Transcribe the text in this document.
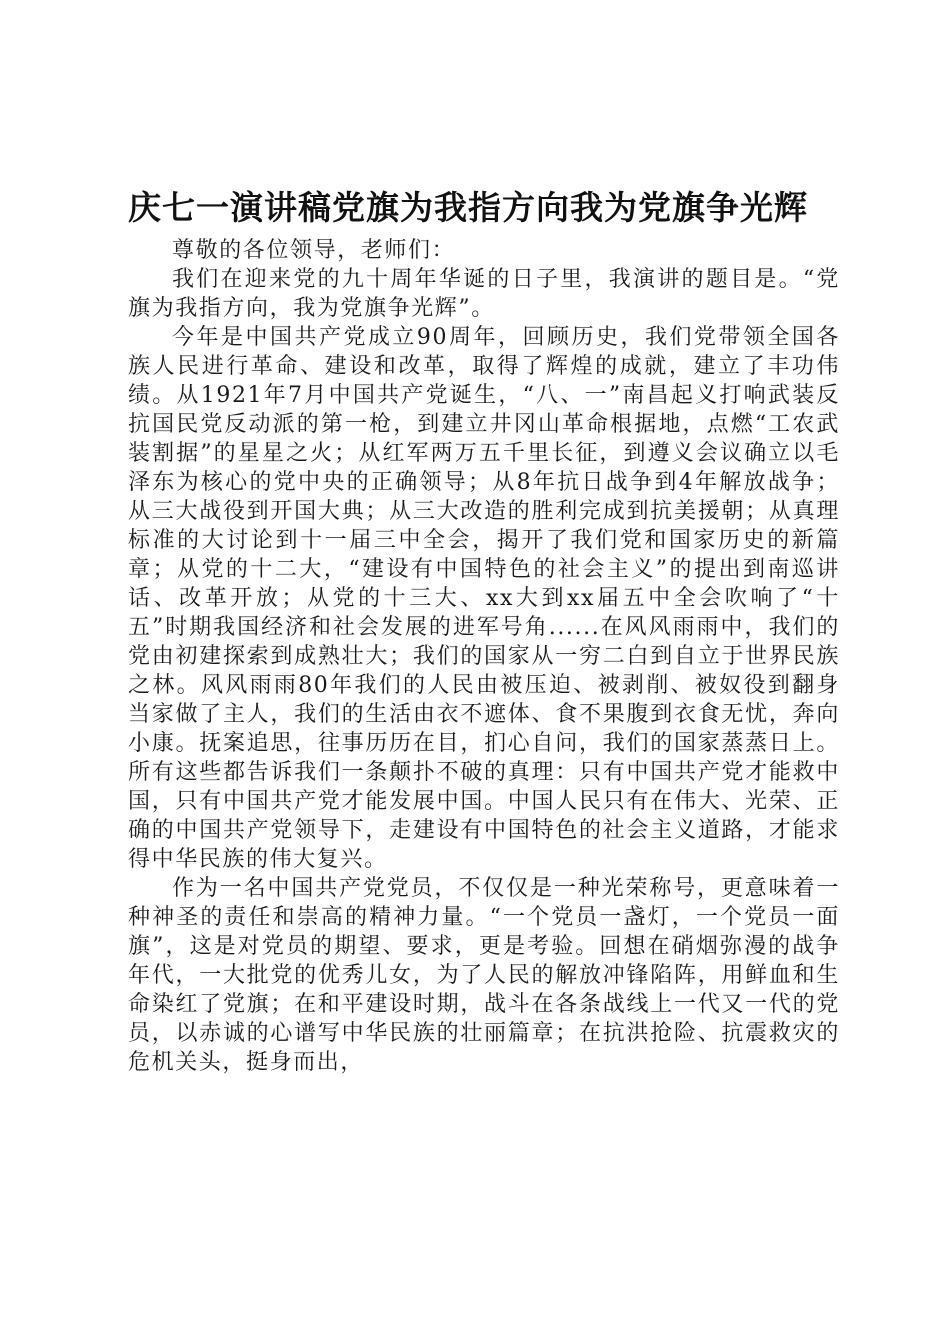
庆七一演讲稿党旗为我指方向我为党旗争光辉

尊敬的各位领导，老师们：

我们在迎来党的九十周年华诞的日子里，我演讲的题目是。“党旗为我指方向，我为党旗争光辉”。

今年是中国共产党成立90周年，回顾历史，我们党带领全国各族人民进行革命、建设和改革，取得了辉煌的成就，建立了丰功伟绩。从1921年7月中国共产党诞生，“八、一”南昌起义打响武装反抗国民党反动派的第一枪，到建立井冈山革命根据地，点燃“工农武装割据”的星星之火；从红军两万五千里长征，到遵义会议确立以毛泽东为核心的党中央的正确领导；从8年抗日战争到4年解放战争；从三大战役到开国大典；从三大改造的胜利完成到抗美援朝；从真理标准的大讨论到十一届三中全会，揭开了我们党和国家历史的新篇章；从党的十二大，“建设有中国特色的社会主义”的提出到南巡讲话、改革开放；从党的十三大、xx大到xx届五中全会吹响了“十五”时期我国经济和社会发展的进军号角......在风风雨雨中，我们的党由初建探索到成熟壮大；我们的国家从一穷二白到自立于世界民族之林。风风雨雨80年我们的人民由被压迫、被剥削、被奴役到翻身当家做了主人，我们的生活由衣不遮体、食不果腹到衣食无忧，奔向小康。抚案追思，往事历历在目，扪心自问，我们的国家蒸蒸日上。所有这些都告诉我们一条颠扑不破的真理：只有中国共产党才能救中国，只有中国共产党才能发展中国。中国人民只有在伟大、光荣、正确的中国共产党领导下，走建设有中国特色的社会主义道路，才能求得中华民族的伟大复兴。

作为一名中国共产党党员，不仅仅是一种光荣称号，更意味着一种神圣的责任和崇高的精神力量。“一个党员一盏灯，一个党员一面旗”，这是对党员的期望、要求，更是考验。回想在硝烟弥漫的战争年代，一大批党的优秀儿女，为了人民的解放冲锋陷阵，用鲜血和生命染红了党旗；在和平建设时期，战斗在各条战线上一代又一代的党员，以赤诚的心谱写中华民族的壮丽篇章；在抗洪抢险、抗震救灾的危机关头，挺身而出，
